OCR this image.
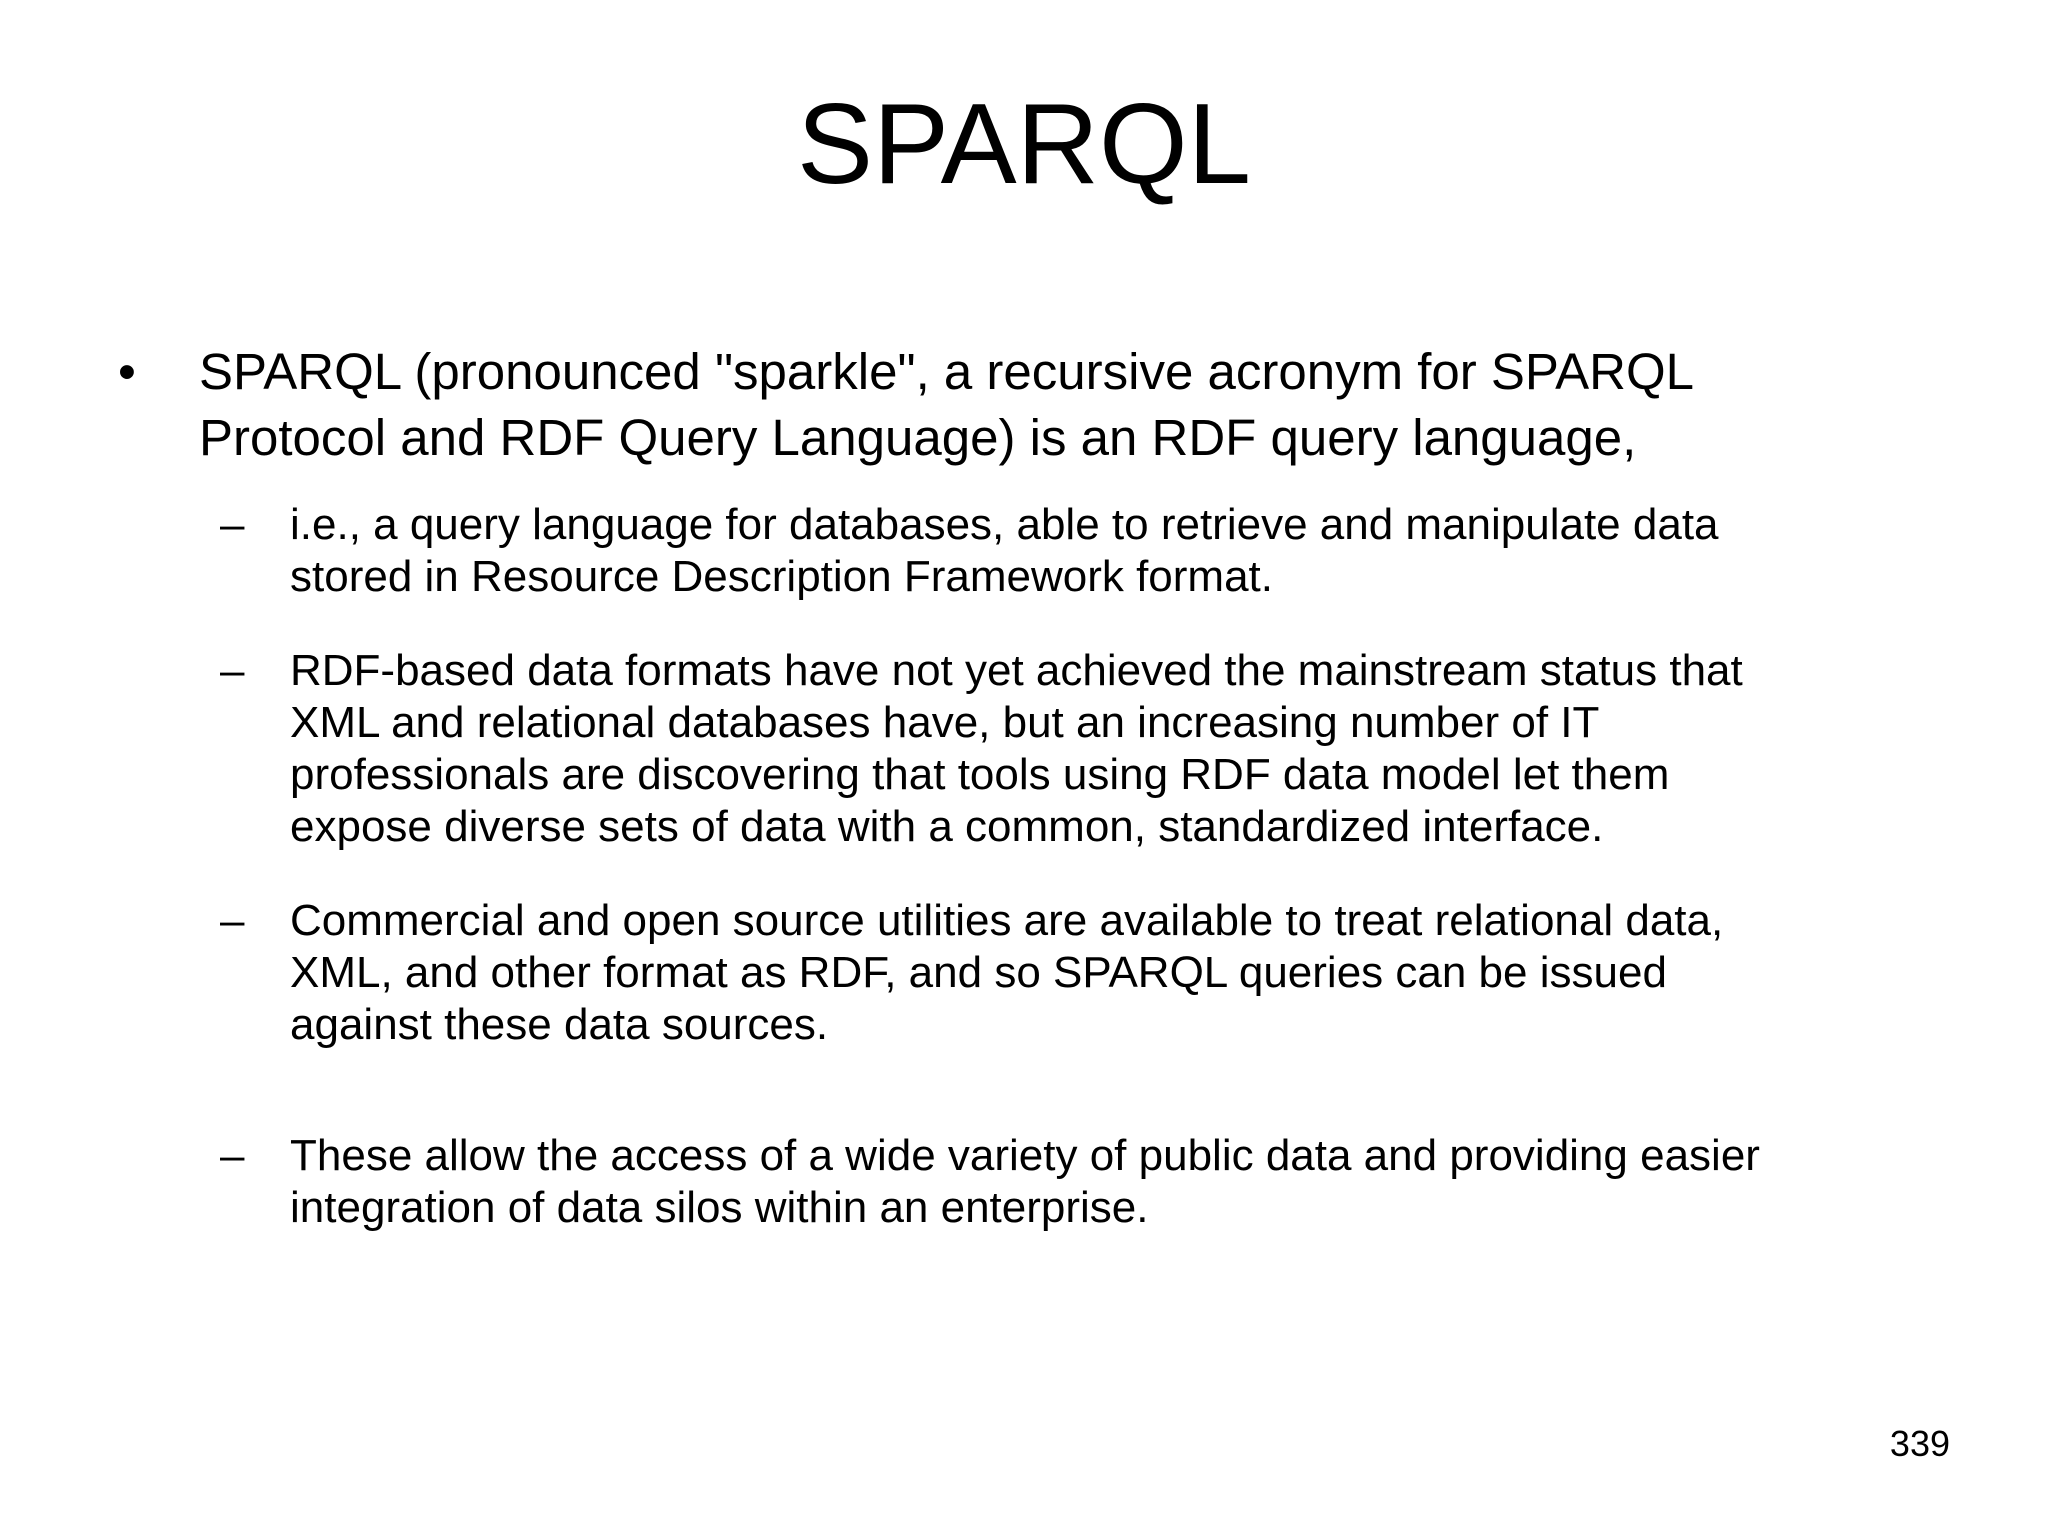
SPARQL
• SPARQL (pronounced "sparkle", a recursive acronym for SPARQL
Protocol and RDF Query Language) is an RDF query language,
– i.e., a query language for databases, able to retrieve and manipulate data
stored in Resource Description Framework format.
– RDF-based data formats have not yet achieved the mainstream status that
XML and relational databases have, but an increasing number of IT
professionals are discovering that tools using RDF data model let them
expose diverse sets of data with a common, standardized interface.
– Commercial and open source utilities are available to treat relational data,
XML, and other format as RDF, and so SPARQL queries can be issued
against these data sources.
– These allow the access of a wide variety of public data and providing easier
integration of data silos within an enterprise.
339
